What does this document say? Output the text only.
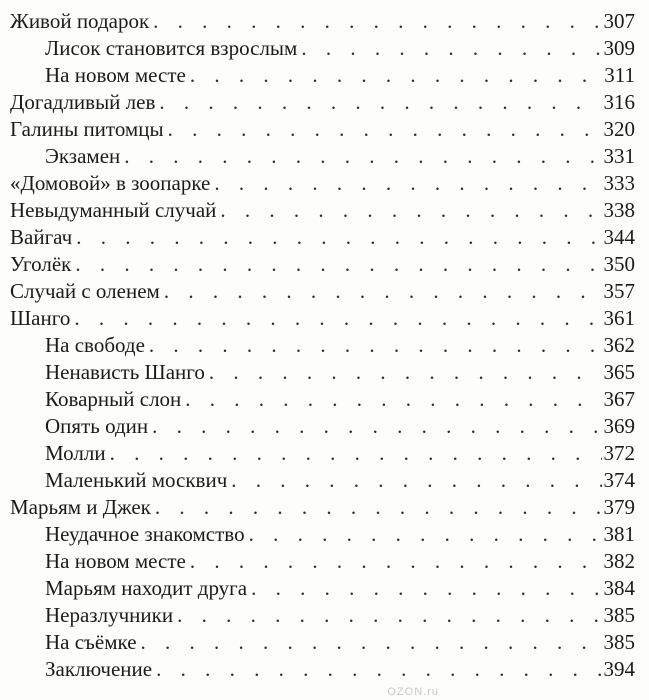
Живой подарок . . .	307
Лисок становится взрослым . . .	309
На новом месте . . .	311
Догадливый лев . . .	316
Галины питомцы . . .	320
Экзамен . . .	331
«Домовой» в зоопарке . . .	333
Невыдуманный случай . . .	338
Вайгач . . .	344
Уголёк . . .	350
Случай с оленем . . .	357
Шанго . . .	361
На свободе . . .	362
Ненависть Шанго . . .	365
Коварный слон . . .	367
Опять один . . .	369
Молли . . .	372
Маленький москвич . . .	374
Марьям и Джек . . .	379
Неудачное знакомство . . .	381
На новом месте . . .	382
Марьям находит друга . . .	384
Неразлучники . . .	385
На съёмке . . .	385
Заключение . . .	394
OZON.ru
